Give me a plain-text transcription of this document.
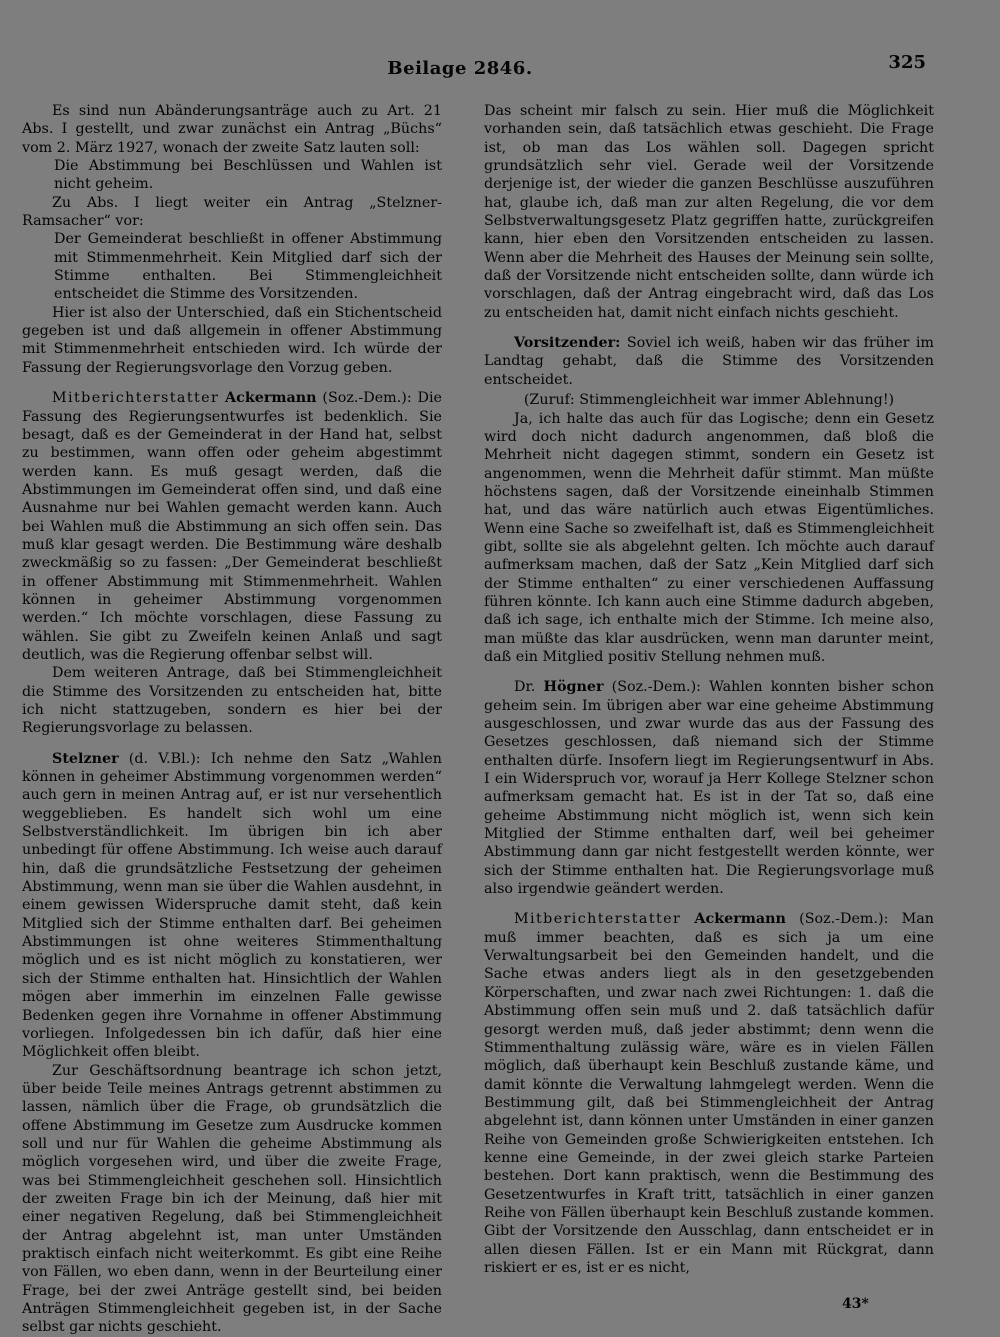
Beilage 2846.	325

Es sind nun Abänderungsanträge auch zu Art. 21 Abs. I gestellt, und zwar zunächst ein Antrag „Büchs“ vom 2. März 1927, wonach der zweite Satz lauten soll:

Die Abstimmung bei Beschlüssen und Wahlen ist nicht geheim.

Zu Abs. I liegt weiter ein Antrag „Stelzner-Ramsacher“ vor:

Der Gemeinderat beschließt in offener Abstimmung mit Stimmenmehrheit. Kein Mitglied darf sich der Stimme enthalten. Bei Stimmengleichheit entscheidet die Stimme des Vorsitzenden.

Hier ist also der Unterschied, daß ein Stichentscheid gegeben ist und daß allgemein in offener Abstimmung mit Stimmenmehrheit entschieden wird. Ich würde der Fassung der Regierungsvorlage den Vorzug geben.

Mitberichterstatter Ackermann (Soz.-Dem.): Die Fassung des Regierungsentwurfes ist bedenklich. Sie besagt, daß es der Gemeinderat in der Hand hat, selbst zu bestimmen, wann offen oder geheim abgestimmt werden kann. Es muß gesagt werden, daß die Abstimmungen im Gemeinderat offen sind, und daß eine Ausnahme nur bei Wahlen gemacht werden kann. Auch bei Wahlen muß die Abstimmung an sich offen sein. Das muß klar gesagt werden. Die Bestimmung wäre deshalb zweckmäßig so zu fassen: „Der Gemeinderat beschließt in offener Abstimmung mit Stimmenmehrheit. Wahlen können in geheimer Abstimmung vorgenommen werden.“ Ich möchte vorschlagen, diese Fassung zu wählen. Sie gibt zu Zweifeln keinen Anlaß und sagt deutlich, was die Regierung offenbar selbst will.

Dem weiteren Antrage, daß bei Stimmengleichheit die Stimme des Vorsitzenden zu entscheiden hat, bitte ich nicht stattzugeben, sondern es hier bei der Regierungsvorlage zu belassen.

Stelzner (d. V.Bl.): Ich nehme den Satz „Wahlen können in geheimer Abstimmung vorgenommen werden“ auch gern in meinen Antrag auf, er ist nur versehentlich weggeblieben. Es handelt sich wohl um eine Selbstverständlichkeit. Im übrigen bin ich aber unbedingt für offene Abstimmung. Ich weise auch darauf hin, daß die grundsätzliche Festsetzung der geheimen Abstimmung, wenn man sie über die Wahlen ausdehnt, in einem gewissen Widerspruche damit steht, daß kein Mitglied sich der Stimme enthalten darf. Bei geheimen Abstimmungen ist ohne weiteres Stimmenthaltung möglich und es ist nicht möglich zu konstatieren, wer sich der Stimme enthalten hat. Hinsichtlich der Wahlen mögen aber immerhin im einzelnen Falle gewisse Bedenken gegen ihre Vornahme in offener Abstimmung vorliegen. Infolgedessen bin ich dafür, daß hier eine Möglichkeit offen bleibt.

Zur Geschäftsordnung beantrage ich schon jetzt, über beide Teile meines Antrags getrennt abstimmen zu lassen, nämlich über die Frage, ob grundsätzlich die offene Abstimmung im Gesetze zum Ausdrucke kommen soll und nur für Wahlen die geheime Abstimmung als möglich vorgesehen wird, und über die zweite Frage, was bei Stimmengleichheit geschehen soll. Hinsichtlich der zweiten Frage bin ich der Meinung, daß hier mit einer negativen Regelung, daß bei Stimmengleichheit der Antrag abgelehnt ist, man unter Umständen praktisch einfach nicht weiterkommt. Es gibt eine Reihe von Fällen, wo eben dann, wenn in der Beurteilung einer Frage, bei der zwei Anträge gestellt sind, bei beiden Anträgen Stimmengleichheit gegeben ist, in der Sache selbst gar nichts geschieht.

Das scheint mir falsch zu sein. Hier muß die Möglichkeit vorhanden sein, daß tatsächlich etwas geschieht. Die Frage ist, ob man das Los wählen soll. Dagegen spricht grundsätzlich sehr viel. Gerade weil der Vorsitzende derjenige ist, der wieder die ganzen Beschlüsse auszuführen hat, glaube ich, daß man zur alten Regelung, die vor dem Selbstverwaltungsgesetz Platz gegriffen hatte, zurückgreifen kann, hier eben den Vorsitzenden entscheiden zu lassen. Wenn aber die Mehrheit des Hauses der Meinung sein sollte, daß der Vorsitzende nicht entscheiden sollte, dann würde ich vorschlagen, daß der Antrag eingebracht wird, daß das Los zu entscheiden hat, damit nicht einfach nichts geschieht.

Vorsitzender: Soviel ich weiß, haben wir das früher im Landtag gehabt, daß die Stimme des Vorsitzenden entscheidet.

(Zuruf: Stimmengleichheit war immer Ablehnung!)

Ja, ich halte das auch für das Logische; denn ein Gesetz wird doch nicht dadurch angenommen, daß bloß die Mehrheit nicht dagegen stimmt, sondern ein Gesetz ist angenommen, wenn die Mehrheit dafür stimmt. Man müßte höchstens sagen, daß der Vorsitzende eineinhalb Stimmen hat, und das wäre natürlich auch etwas Eigentümliches. Wenn eine Sache so zweifelhaft ist, daß es Stimmengleichheit gibt, sollte sie als abgelehnt gelten. Ich möchte auch darauf aufmerksam machen, daß der Satz „Kein Mitglied darf sich der Stimme enthalten“ zu einer verschiedenen Auffassung führen könnte. Ich kann auch eine Stimme dadurch abgeben, daß ich sage, ich enthalte mich der Stimme. Ich meine also, man müßte das klar ausdrücken, wenn man darunter meint, daß ein Mitglied positiv Stellung nehmen muß.

Dr. Högner (Soz.-Dem.): Wahlen konnten bisher schon geheim sein. Im übrigen aber war eine geheime Abstimmung ausgeschlossen, und zwar wurde das aus der Fassung des Gesetzes geschlossen, daß niemand sich der Stimme enthalten dürfe. Insofern liegt im Regierungsentwurf in Abs. I ein Widerspruch vor, worauf ja Herr Kollege Stelzner schon aufmerksam gemacht hat. Es ist in der Tat so, daß eine geheime Abstimmung nicht möglich ist, wenn sich kein Mitglied der Stimme enthalten darf, weil bei geheimer Abstimmung dann gar nicht festgestellt werden könnte, wer sich der Stimme enthalten hat. Die Regierungsvorlage muß also irgendwie geändert werden.

Mitberichterstatter Ackermann (Soz.-Dem.): Man muß immer beachten, daß es sich ja um eine Verwaltungsarbeit bei den Gemeinden handelt, und die Sache etwas anders liegt als in den gesetzgebenden Körperschaften, und zwar nach zwei Richtungen: 1. daß die Abstimmung offen sein muß und 2. daß tatsächlich dafür gesorgt werden muß, daß jeder abstimmt; denn wenn die Stimmenthaltung zulässig wäre, wäre es in vielen Fällen möglich, daß überhaupt kein Beschluß zustande käme, und damit könnte die Verwaltung lahmgelegt werden. Wenn die Bestimmung gilt, daß bei Stimmengleichheit der Antrag abgelehnt ist, dann können unter Umständen in einer ganzen Reihe von Gemeinden große Schwierigkeiten entstehen. Ich kenne eine Gemeinde, in der zwei gleich starke Parteien bestehen. Dort kann praktisch, wenn die Bestimmung des Gesetzentwurfes in Kraft tritt, tatsächlich in einer ganzen Reihe von Fällen überhaupt kein Beschluß zustande kommen. Gibt der Vorsitzende den Ausschlag, dann entscheidet er in allen diesen Fällen. Ist er ein Mann mit Rückgrat, dann riskiert er es, ist er es nicht,

43*
